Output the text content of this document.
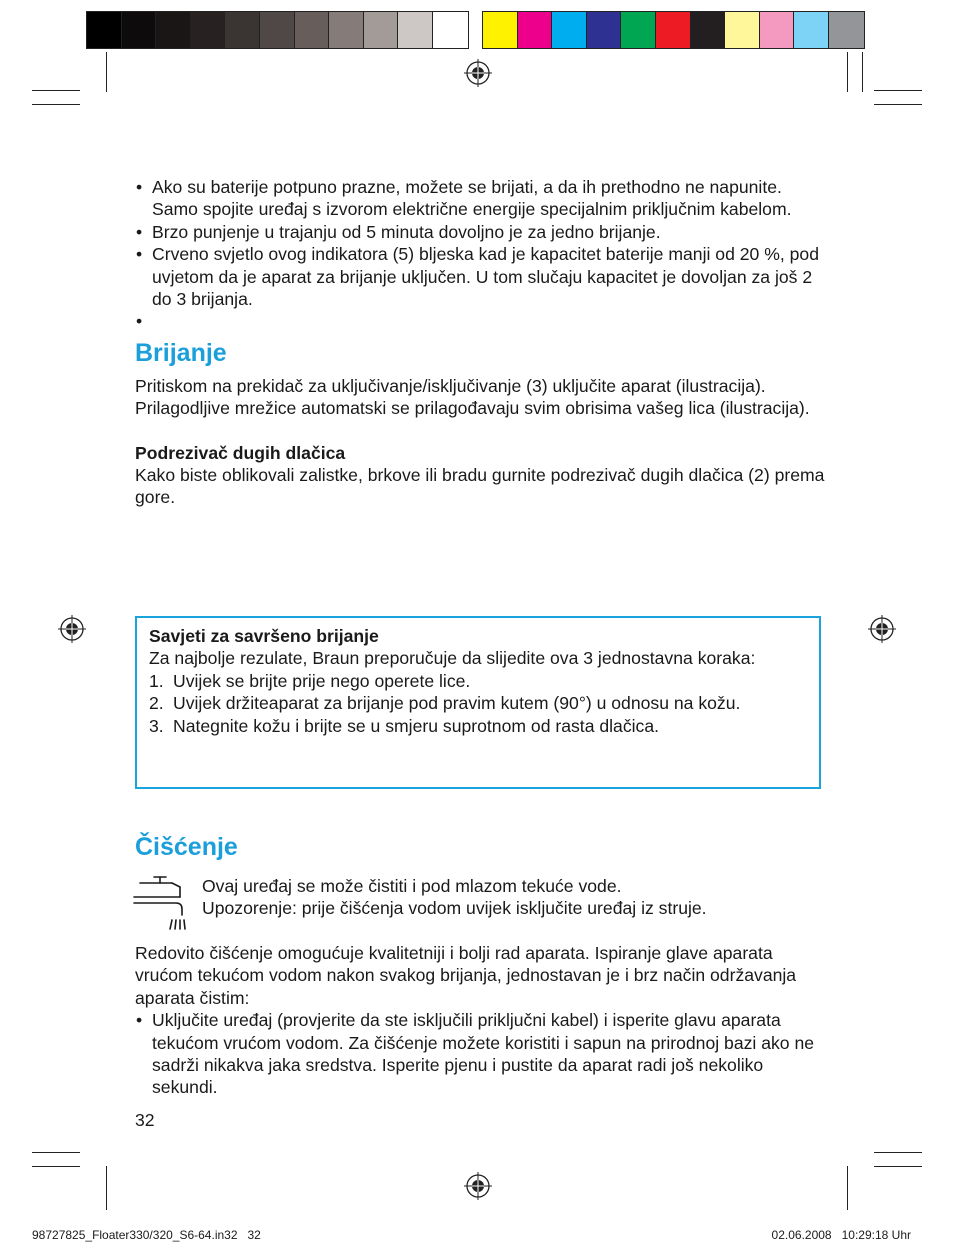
• Ako su baterije potpuno prazne, možete se brijati, a da ih prethodno ne napunite. Samo spojite uređaj s izvorom električne energije specijalnim priključnim kabelom.
• Brzo punjenje u trajanju od 5 minuta dovoljno je za jedno brijanje.
• Crveno svjetlo ovog indikatora (5) bljeska kad je kapacitet baterije manji od 20 %, pod uvjetom da je aparat za brijanje uključen. U tom slučaju kapacitet je dovoljan za još 2 do 3 brijanja.
•
Brijanje

Pritiskom na prekidač za uključivanje/isključivanje (3) uključite aparat (ilustracija).

Prilagodljive mrežice automatski se prilagođavaju svim obrisima vašeg lica (ilustracija).

Podrezivač dugih dlačica

Kako biste oblikovali zalistke, brkove ili bradu gurnite podrezivač dugih dlačica (2) prema gore.

Savjeti za savršeno brijanje

Za najbolje rezulate, Braun preporučuje da slijedite ova 3 jednostavna koraka:

1. Uvijek se brijte prije nego operete lice.
2. Uvijek držiteaparat za brijanje pod pravim kutem (90°) u odnosu na kožu.
3. Nategnite kožu i brijte se u smjeru suprotnom od rasta dlačica.
Čišćenje

Ovaj uređaj se može čistiti i pod mlazom tekuće vode.

Upozorenje: prije čišćenja vodom uvijek isključite uređaj iz struje.

Redovito čišćenje omogućuje kvalitetniji i bolji rad aparata. Ispiranje glave aparata vrućom tekućom vodom nakon svakog brijanja, jednostavan je i brz način održavanja aparata čistim:

• Uključite uređaj (provjerite da ste isključili priključni kabel) i isperite glavu aparata tekućom vrućom vodom. Za čišćenje možete koristiti i sapun na prirodnoj bazi ako ne sadrži nikakva jaka sredstva. Isperite pjenu i pustite da aparat radi još nekoliko sekundi.
32
98727825_Floater330/320_S6-64.in32   32	02.06.2008   10:29:18 Uhr
